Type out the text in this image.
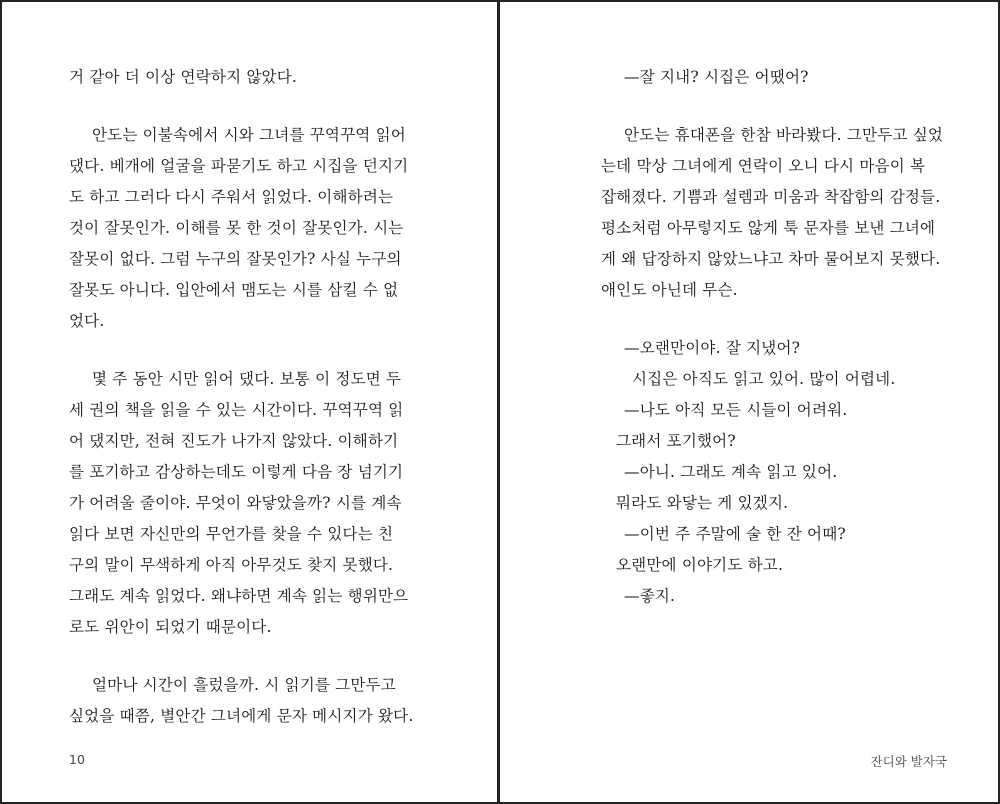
거 같아 더 이상 연락하지 않았다.
안도는 이불속에서 시와 그녀를 꾸역꾸역 읽어
댔다. 베개에 얼굴을 파묻기도 하고 시집을 던지기
도 하고 그러다 다시 주워서 읽었다. 이해하려는
것이 잘못인가. 이해를 못 한 것이 잘못인가. 시는
잘못이 없다. 그럼 누구의 잘못인가? 사실 누구의
잘못도 아니다. 입안에서 맴도는 시를 삼킬 수 없
었다.
몇 주 동안 시만 읽어 댔다. 보통 이 정도면 두
세 권의 책을 읽을 수 있는 시간이다. 꾸역꾸역 읽
어 댔지만, 전혀 진도가 나가지 않았다. 이해하기
를 포기하고 감상하는데도 이렇게 다음 장 넘기기
가 어려울 줄이야. 무엇이 와닿았을까? 시를 계속
읽다 보면 자신만의 무언가를 찾을 수 있다는 친
구의 말이 무색하게 아직 아무것도 찾지 못했다.
그래도 계속 읽었다. 왜냐하면 계속 읽는 행위만으
로도 위안이 되었기 때문이다.
얼마나 시간이 흘렀을까. 시 읽기를 그만두고
싶었을 때쯤, 별안간 그녀에게 문자 메시지가 왔다.
10
—잘 지내? 시집은 어땠어?
안도는 휴대폰을 한참 바라봤다. 그만두고 싶었
는데 막상 그녀에게 연락이 오니 다시 마음이 복
잡해졌다. 기쁨과 설렘과 미움과 착잡함의 감정들.
평소처럼 아무렇지도 않게 툭 문자를 보낸 그녀에
게 왜 답장하지 않았느냐고 차마 물어보지 못했다.
애인도 아닌데 무슨.
—오랜만이야. 잘 지냈어?
시집은 아직도 읽고 있어. 많이 어렵네.
—나도 아직 모든 시들이 어려워.
그래서 포기했어?
—아니. 그래도 계속 읽고 있어.
뭐라도 와닿는 게 있겠지.
—이번 주 주말에 술 한 잔 어때?
오랜만에 이야기도 하고.
—좋지.
잔디와 발자국
